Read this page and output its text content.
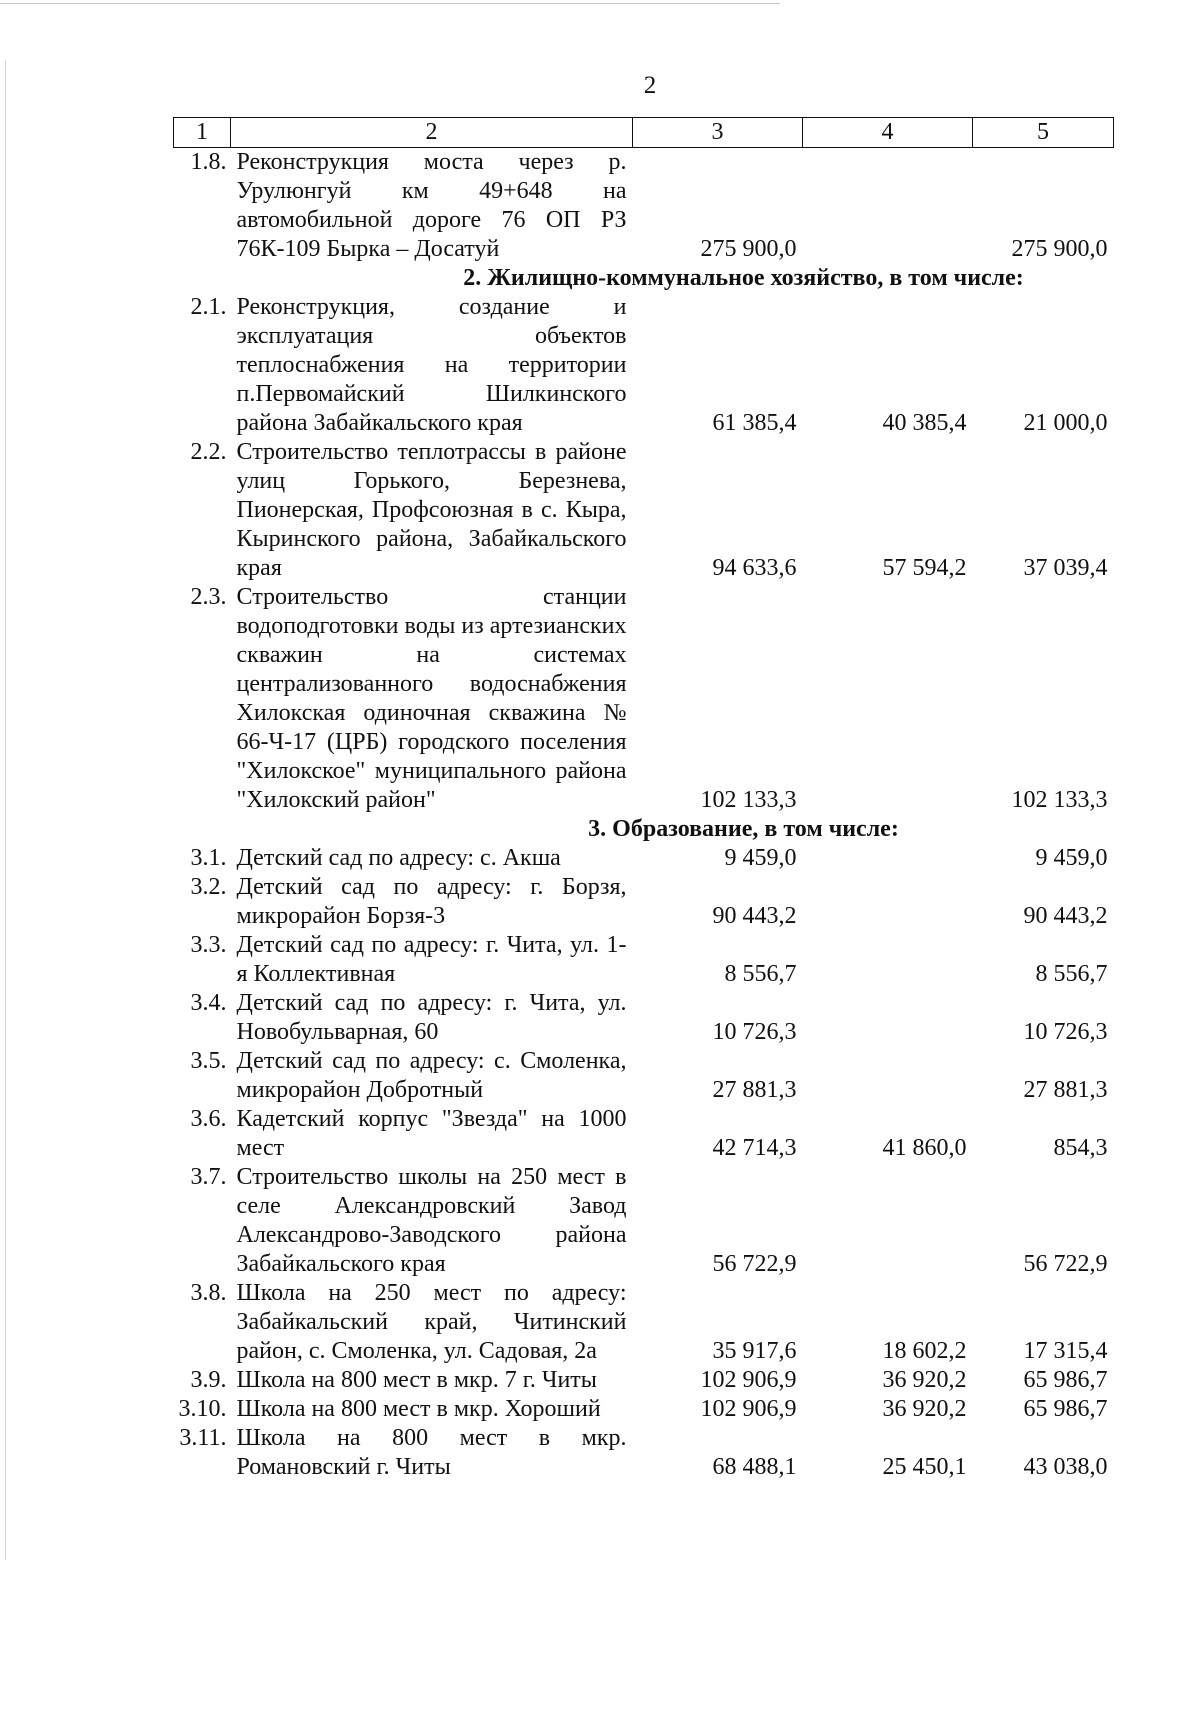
2
1	2	3	4	5
1.8.	Реконструкция моста через р. Урулюнгуй км 49+648 на автомобильной дороге 76 ОП РЗ 76К-109 Бырка – Досатуй	275 900,0		275 900,0
2. Жилищно-коммунальное хозяйство, в том числе:				
2.1.	Реконструкция, создание и эксплуатация объектов теплоснабжения на территории п.Первомайский Шилкинского района Забайкальского края	61 385,4	40 385,4	21 000,0
2.2.	Строительство теплотрассы в районе улиц Горького, Березнева, Пионерская, Профсоюзная в с. Кыра, Кыринского района, Забайкальского края	94 633,6	57 594,2	37 039,4
2.3.	Строительство станции водоподготовки воды из артезианских скважин на системах централизованного водоснабжения Хилокская одиночная скважина № 66-Ч-17 (ЦРБ) городского поселения "Хилокское" муниципального района "Хилокский район"	102 133,3		102 133,3
3. Образование, в том числе:				
3.1.	Детский сад по адресу: с. Акша	9 459,0		9 459,0
3.2.	Детский сад по адресу: г. Борзя, микрорайон Борзя-3	90 443,2		90 443,2
3.3.	Детский сад по адресу: г. Чита, ул. 1-я Коллективная	8 556,7		8 556,7
3.4.	Детский сад по адресу: г. Чита, ул. Новобульварная, 60	10 726,3		10 726,3
3.5.	Детский сад по адресу: с. Смоленка, микрорайон Добротный	27 881,3		27 881,3
3.6.	Кадетский корпус "Звезда" на 1000 мест	42 714,3	41 860,0	854,3
3.7.	Строительство школы на 250 мест в селе Александровский Завод Александрово-Заводского района Забайкальского края	56 722,9		56 722,9
3.8.	Школа на 250 мест по адресу: Забайкальский край, Читинский район, с. Смоленка, ул. Садовая, 2а	35 917,6	18 602,2	17 315,4
3.9.	Школа на 800 мест в мкр. 7 г. Читы	102 906,9	36 920,2	65 986,7
3.10.	Школа на 800 мест в мкр. Хороший	102 906,9	36 920,2	65 986,7
3.11.	Школа на 800 мест в мкр. Романовский г. Читы	68 488,1	25 450,1	43 038,0
